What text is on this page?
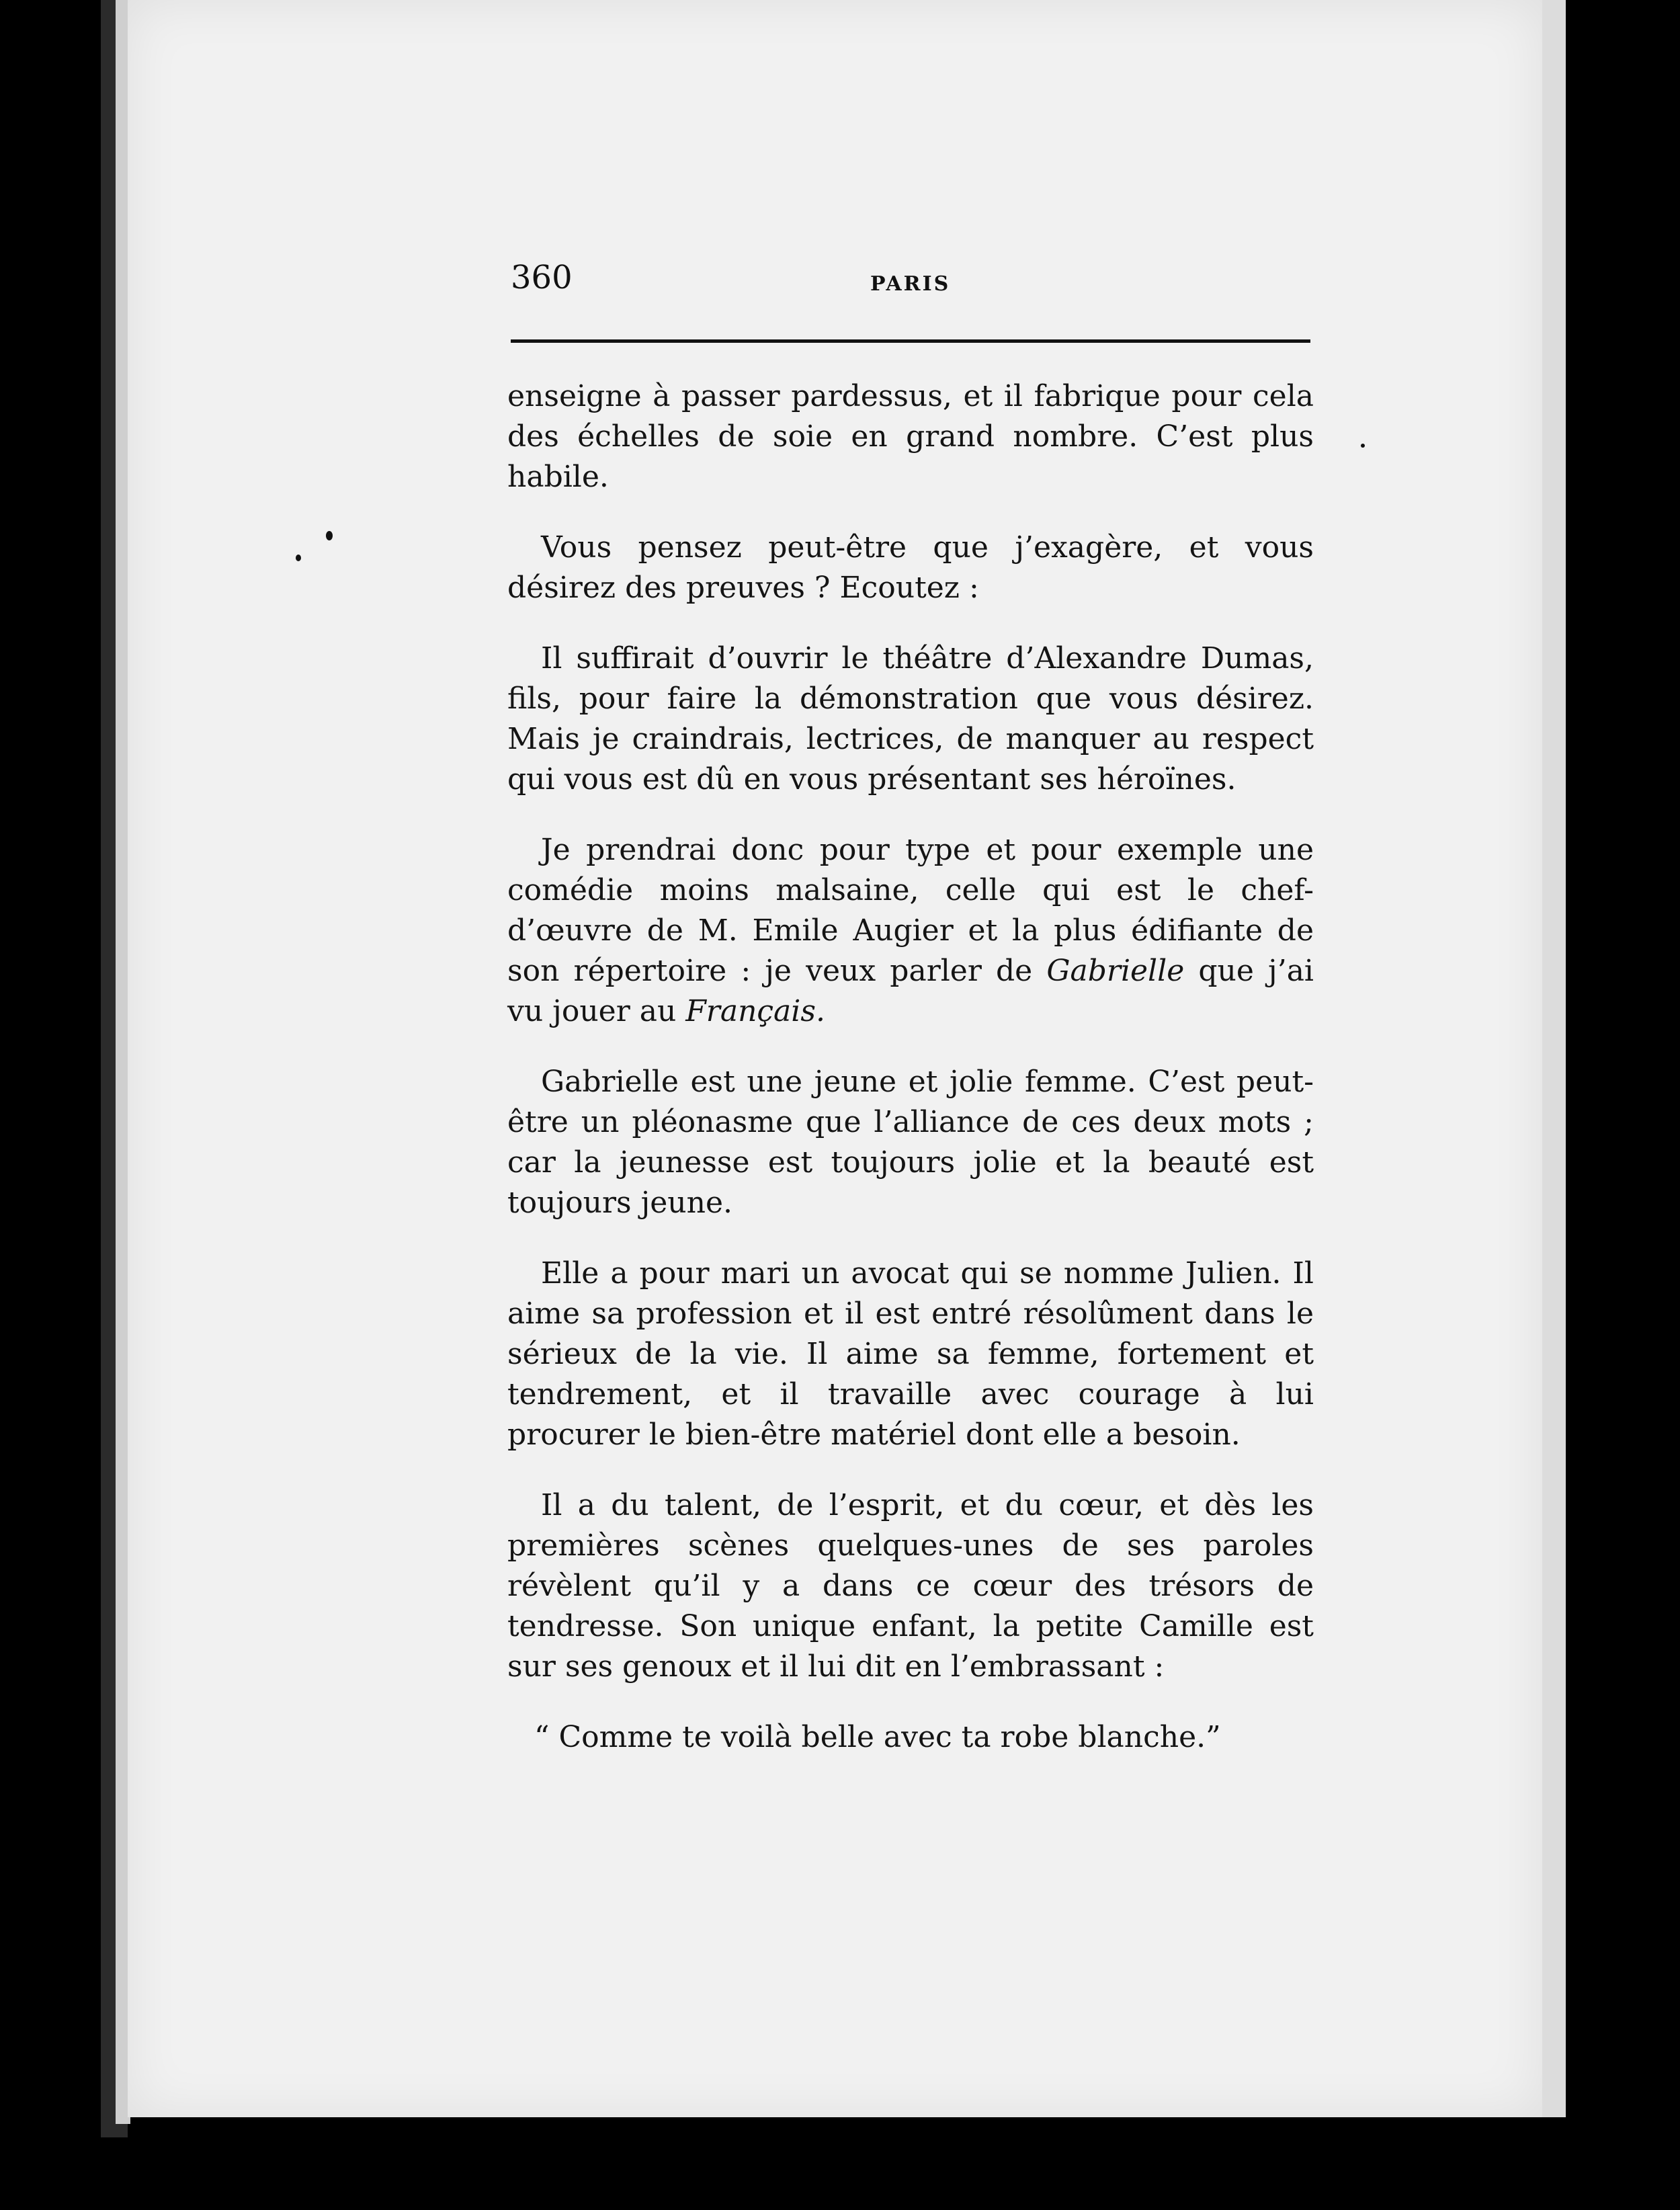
360	PARIS

enseigne à passer pardessus, et il fabrique pour cela des échelles de soie en grand nombre. C’est plus habile.

Vous pensez peut-être que j’exagère, et vous désirez des preuves ? Ecoutez :

Il suffirait d’ouvrir le théâtre d’Alexandre Dumas, fils, pour faire la démonstration que vous désirez. Mais je craindrais, lectrices, de manquer au respect qui vous est dû en vous présentant ses héroïnes.

Je prendrai donc pour type et pour exemple une comédie moins malsaine, celle qui est le chef-d’œuvre de M. Emile Augier et la plus édifiante de son répertoire : je veux parler de Gabrielle que j’ai vu jouer au Français.

Gabrielle est une jeune et jolie femme. C’est peut-être un pléonasme que l’alliance de ces deux mots ; car la jeunesse est toujours jolie et la beauté est toujours jeune.

Elle a pour mari un avocat qui se nomme Julien. Il aime sa profession et il est entré résolûment dans le sérieux de la vie. Il aime sa femme, fortement et tendrement, et il travaille avec courage à lui procurer le bien-être matériel dont elle a besoin.

Il a du talent, de l’esprit, et du cœur, et dès les premières scènes quelques-unes de ses paroles révèlent qu’il y a dans ce cœur des trésors de tendresse. Son unique enfant, la petite Camille est sur ses genoux et il lui dit en l’embrassant :

“ Comme te voilà belle avec ta robe blanche.”
